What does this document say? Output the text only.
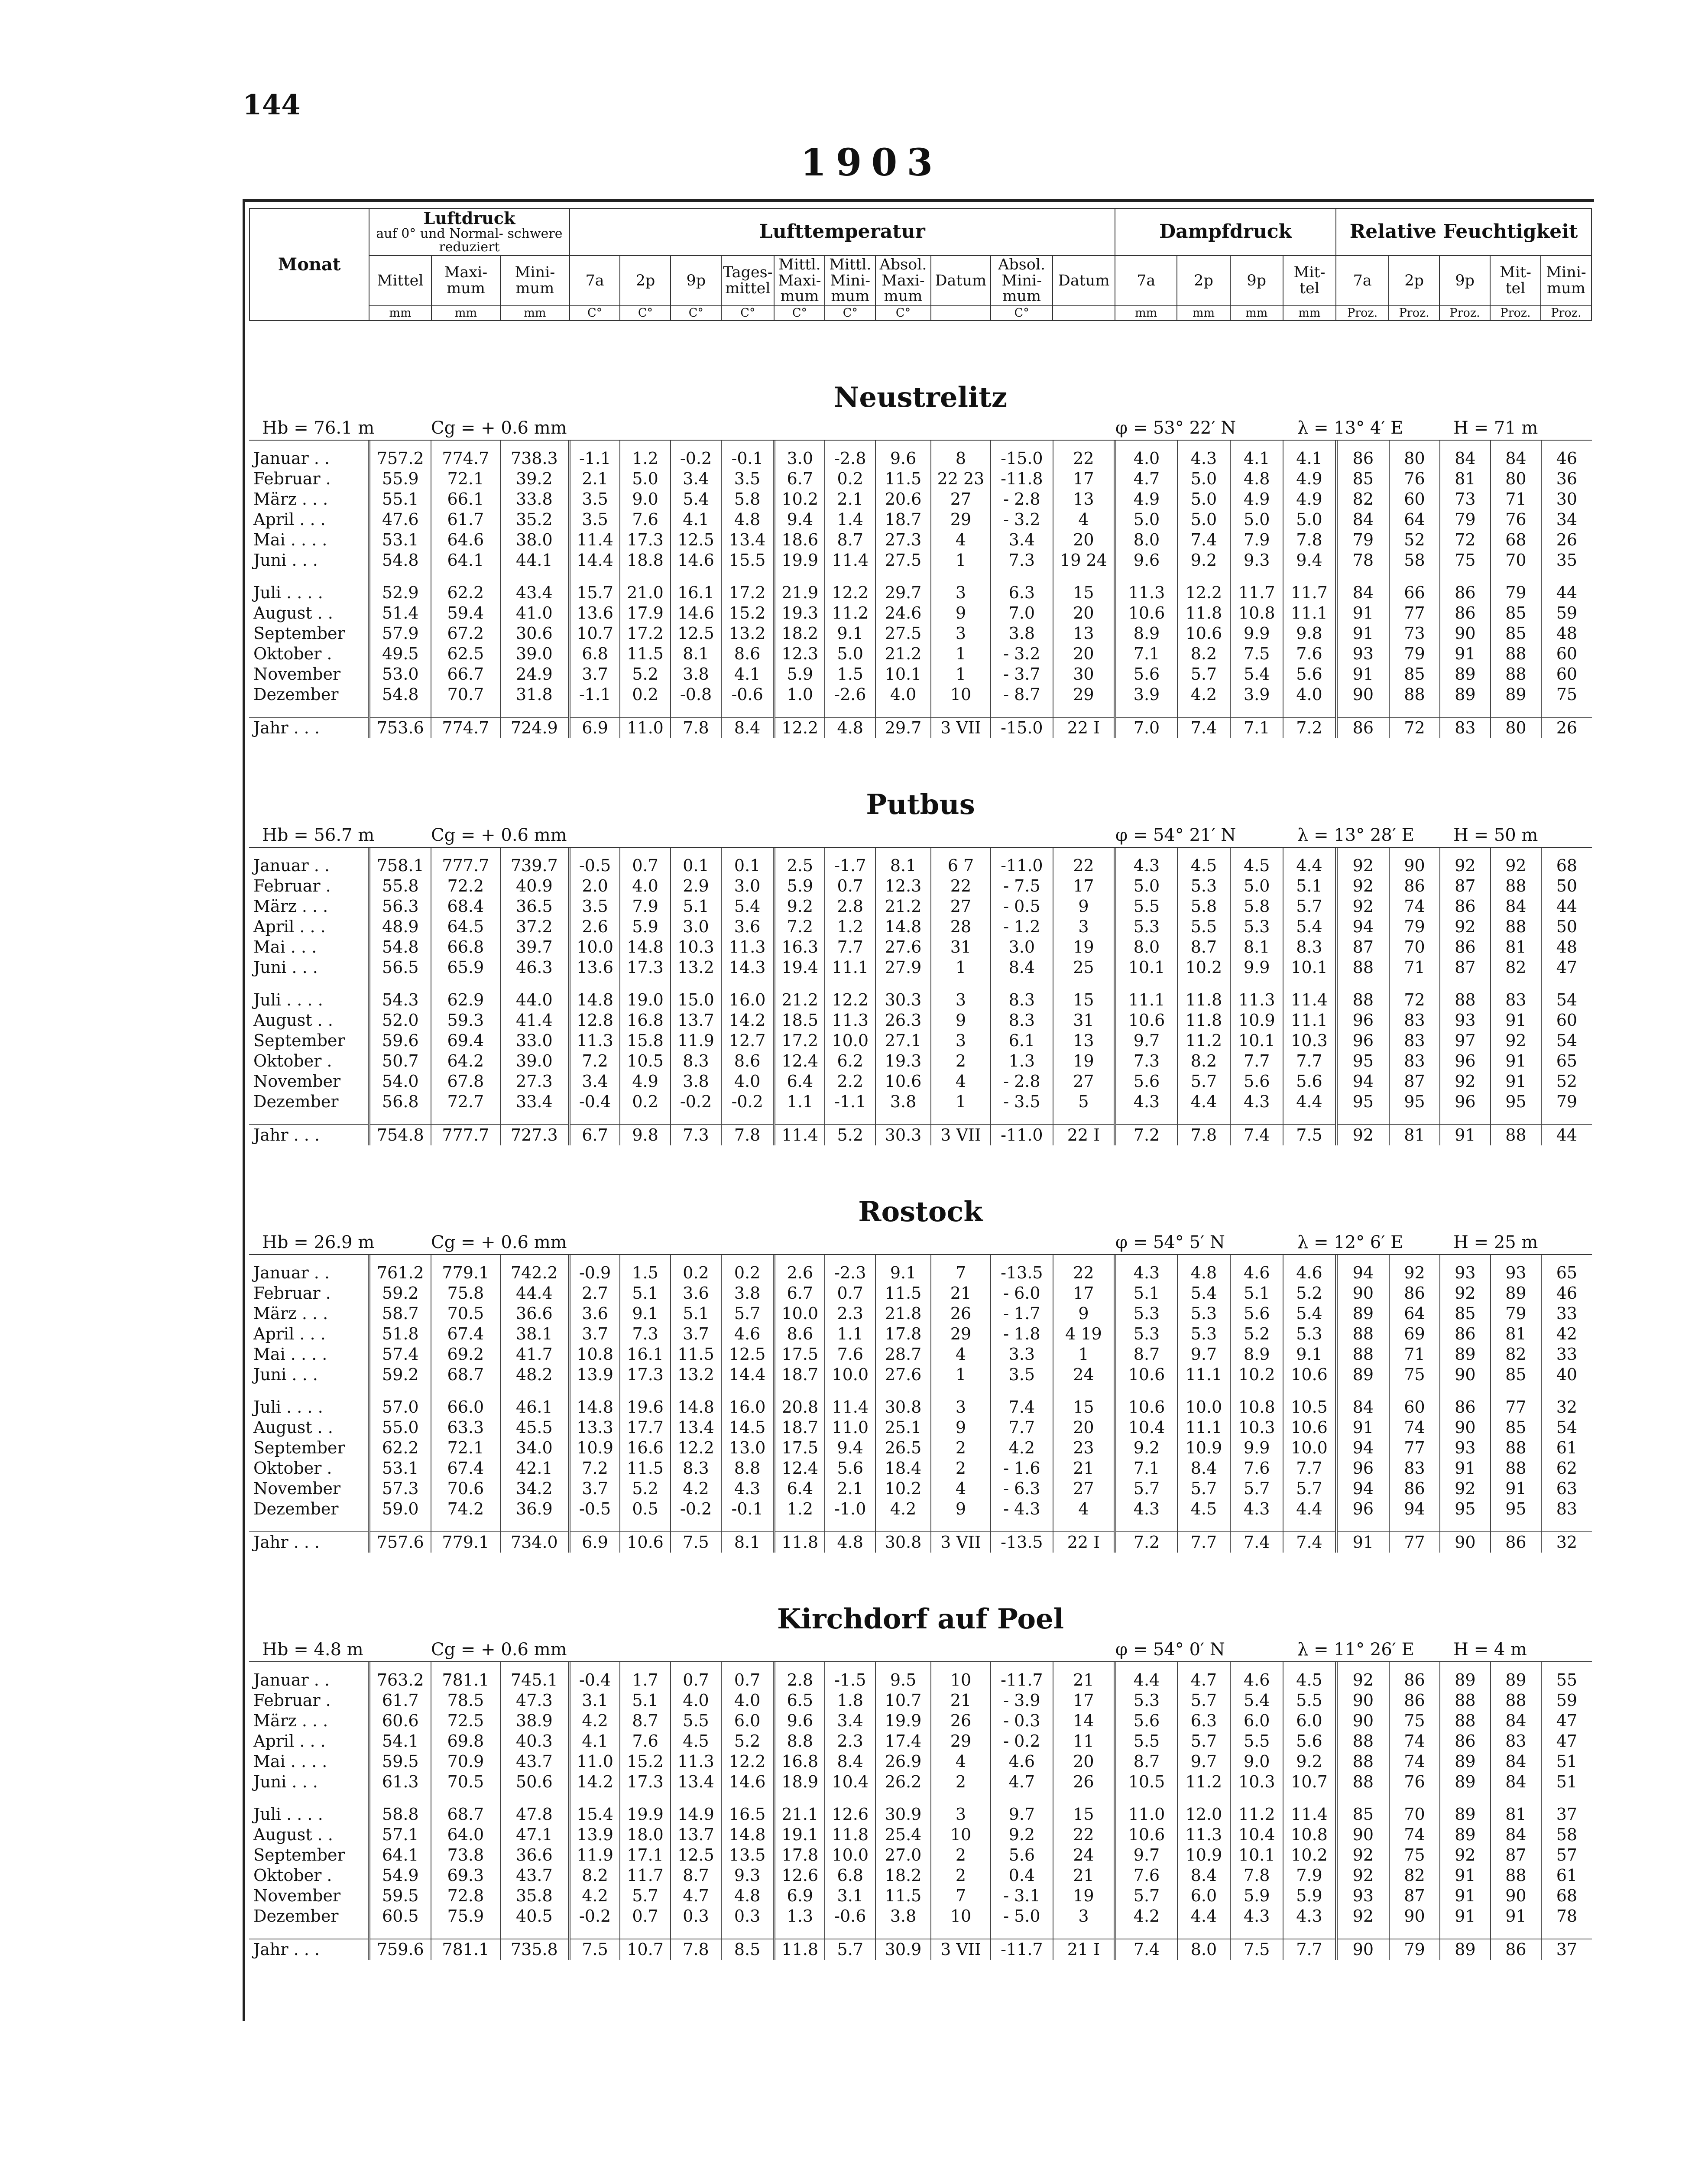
144
1903
Monat	Luftdruck
auf 0° und Normal- schwere reduziert			Lufttemperatur										Dampfdruck				Relative Feuchtigkeit				
	Mittel	Maxi- mum	Mini- mum	7a	2p	9p	Tages- mittel	Mittl. Maxi- mum	Mittl. Mini- mum	Absol. Maxi- mum	Datum	Absol. Mini- mum	Datum	7a	2p	9p	Mit- tel	7a	2p	9p	Mit- tel	Mini- mum
	mm	mm	mm	C°	C°	C°	C°	C°	C°	C°		C°		mm	mm	mm	mm	Proz.	Proz.	Proz.	Proz.	Proz.
Neustrelitz
Hb = 76.1 m	Cg = + 0.6 mm	φ = 53° 22′ N	λ = 13° 4′ E	H = 71 m
Januar . .	757.2	774.7	738.3	-1.1	1.2	-0.2	-0.1	3.0	-2.8	9.6	8	-15.0	22	4.0	4.3	4.1	4.1	86	80	84	84	46
Februar .	55.9	72.1	39.2	2.1	5.0	3.4	3.5	6.7	0.2	11.5	22 23	-11.8	17	4.7	5.0	4.8	4.9	85	76	81	80	36
März . . .	55.1	66.1	33.8	3.5	9.0	5.4	5.8	10.2	2.1	20.6	27	- 2.8	13	4.9	5.0	4.9	4.9	82	60	73	71	30
April . . .	47.6	61.7	35.2	3.5	7.6	4.1	4.8	9.4	1.4	18.7	29	- 3.2	4	5.0	5.0	5.0	5.0	84	64	79	76	34
Mai . . . .	53.1	64.6	38.0	11.4	17.3	12.5	13.4	18.6	8.7	27.3	4	3.4	20	8.0	7.4	7.9	7.8	79	52	72	68	26
Juni . . .	54.8	64.1	44.1	14.4	18.8	14.6	15.5	19.9	11.4	27.5	1	7.3	19 24	9.6	9.2	9.3	9.4	78	58	75	70	35

Juli . . . .	52.9	62.2	43.4	15.7	21.0	16.1	17.2	21.9	12.2	29.7	3	6.3	15	11.3	12.2	11.7	11.7	84	66	86	79	44
August . .	51.4	59.4	41.0	13.6	17.9	14.6	15.2	19.3	11.2	24.6	9	7.0	20	10.6	11.8	10.8	11.1	91	77	86	85	59
September	57.9	67.2	30.6	10.7	17.2	12.5	13.2	18.2	9.1	27.5	3	3.8	13	8.9	10.6	9.9	9.8	91	73	90	85	48
Oktober .	49.5	62.5	39.0	6.8	11.5	8.1	8.6	12.3	5.0	21.2	1	- 3.2	20	7.1	8.2	7.5	7.6	93	79	91	88	60
November	53.0	66.7	24.9	3.7	5.2	3.8	4.1	5.9	1.5	10.1	1	- 3.7	30	5.6	5.7	5.4	5.6	91	85	89	88	60
Dezember	54.8	70.7	31.8	-1.1	0.2	-0.8	-0.6	1.0	-2.6	4.0	10	- 8.7	29	3.9	4.2	3.9	4.0	90	88	89	89	75

Jahr . . .	753.6	774.7	724.9	6.9	11.0	7.8	8.4	12.2	4.8	29.7	3 VII	-15.0	22 I	7.0	7.4	7.1	7.2	86	72	83	80	26
Putbus
Hb = 56.7 m	Cg = + 0.6 mm	φ = 54° 21′ N	λ = 13° 28′ E H = 50 m
Januar . .	758.1	777.7	739.7	-0.5	0.7	0.1	0.1	2.5	-1.7	8.1	6 7	-11.0	22	4.3	4.5	4.5	4.4	92	90	92	92	68
Februar .	55.8	72.2	40.9	2.0	4.0	2.9	3.0	5.9	0.7	12.3	22	- 7.5	17	5.0	5.3	5.0	5.1	92	86	87	88	50
März . . .	56.3	68.4	36.5	3.5	7.9	5.1	5.4	9.2	2.8	21.2	27	- 0.5	9	5.5	5.8	5.8	5.7	92	74	86	84	44
April . . .	48.9	64.5	37.2	2.6	5.9	3.0	3.6	7.2	1.2	14.8	28	- 1.2	3	5.3	5.5	5.3	5.4	94	79	92	88	50
Mai . . .	54.8	66.8	39.7	10.0	14.8	10.3	11.3	16.3	7.7	27.6	31	3.0	19	8.0	8.7	8.1	8.3	87	70	86	81	48
Juni . . .	56.5	65.9	46.3	13.6	17.3	13.2	14.3	19.4	11.1	27.9	1	8.4	25	10.1	10.2	9.9	10.1	88	71	87	82	47

Juli . . . .	54.3	62.9	44.0	14.8	19.0	15.0	16.0	21.2	12.2	30.3	3	8.3	15	11.1	11.8	11.3	11.4	88	72	88	83	54
August . .	52.0	59.3	41.4	12.8	16.8	13.7	14.2	18.5	11.3	26.3	9	8.3	31	10.6	11.8	10.9	11.1	96	83	93	91	60
September	59.6	69.4	33.0	11.3	15.8	11.9	12.7	17.2	10.0	27.1	3	6.1	13	9.7	11.2	10.1	10.3	96	83	97	92	54
Oktober .	50.7	64.2	39.0	7.2	10.5	8.3	8.6	12.4	6.2	19.3	2	1.3	19	7.3	8.2	7.7	7.7	95	83	96	91	65
November	54.0	67.8	27.3	3.4	4.9	3.8	4.0	6.4	2.2	10.6	4	- 2.8	27	5.6	5.7	5.6	5.6	94	87	92	91	52
Dezember	56.8	72.7	33.4	-0.4	0.2	-0.2	-0.2	1.1	-1.1	3.8	1	- 3.5	5	4.3	4.4	4.3	4.4	95	95	96	95	79

Jahr . . .	754.8	777.7	727.3	6.7	9.8	7.3	7.8	11.4	5.2	30.3	3 VII	-11.0	22 I	7.2	7.8	7.4	7.5	92	81	91	88	44
Rostock
Hb = 26.9 m	Cg = + 0.6 mm	φ = 54° 5′ N	λ = 12° 6′ E	H = 25 m
Januar . .	761.2	779.1	742.2	-0.9	1.5	0.2	0.2	2.6	-2.3	9.1	7	-13.5	22	4.3	4.8	4.6	4.6	94	92	93	93	65
Februar .	59.2	75.8	44.4	2.7	5.1	3.6	3.8	6.7	0.7	11.5	21	- 6.0	17	5.1	5.4	5.1	5.2	90	86	92	89	46
März . . .	58.7	70.5	36.6	3.6	9.1	5.1	5.7	10.0	2.3	21.8	26	- 1.7	9	5.3	5.3	5.6	5.4	89	64	85	79	33
April . . .	51.8	67.4	38.1	3.7	7.3	3.7	4.6	8.6	1.1	17.8	29	- 1.8	4 19	5.3	5.3	5.2	5.3	88	69	86	81	42
Mai . . . .	57.4	69.2	41.7	10.8	16.1	11.5	12.5	17.5	7.6	28.7	4	3.3	1	8.7	9.7	8.9	9.1	88	71	89	82	33
Juni . . .	59.2	68.7	48.2	13.9	17.3	13.2	14.4	18.7	10.0	27.6	1	3.5	24	10.6	11.1	10.2	10.6	89	75	90	85	40

Juli . . . .	57.0	66.0	46.1	14.8	19.6	14.8	16.0	20.8	11.4	30.8	3	7.4	15	10.6	10.0	10.8	10.5	84	60	86	77	32
August . .	55.0	63.3	45.5	13.3	17.7	13.4	14.5	18.7	11.0	25.1	9	7.7	20	10.4	11.1	10.3	10.6	91	74	90	85	54
September	62.2	72.1	34.0	10.9	16.6	12.2	13.0	17.5	9.4	26.5	2	4.2	23	9.2	10.9	9.9	10.0	94	77	93	88	61
Oktober .	53.1	67.4	42.1	7.2	11.5	8.3	8.8	12.4	5.6	18.4	2	- 1.6	21	7.1	8.4	7.6	7.7	96	83	91	88	62
November	57.3	70.6	34.2	3.7	5.2	4.2	4.3	6.4	2.1	10.2	4	- 6.3	27	5.7	5.7	5.7	5.7	94	86	92	91	63
Dezember	59.0	74.2	36.9	-0.5	0.5	-0.2	-0.1	1.2	-1.0	4.2	9	- 4.3	4	4.3	4.5	4.3	4.4	96	94	95	95	83

Jahr . . .	757.6	779.1	734.0	6.9	10.6	7.5	8.1	11.8	4.8	30.8	3 VII	-13.5	22 I	7.2	7.7	7.4	7.4	91	77	90	86	32
Kirchdorf auf Poel
Hb = 4.8 m	Cg = + 0.6 mm	φ = 54° 0′ N	λ = 11° 26′ E H = 4 m
Januar . .	763.2	781.1	745.1	-0.4	1.7	0.7	0.7	2.8	-1.5	9.5	10	-11.7	21	4.4	4.7	4.6	4.5	92	86	89	89	55
Februar .	61.7	78.5	47.3	3.1	5.1	4.0	4.0	6.5	1.8	10.7	21	- 3.9	17	5.3	5.7	5.4	5.5	90	86	88	88	59
März . . .	60.6	72.5	38.9	4.2	8.7	5.5	6.0	9.6	3.4	19.9	26	- 0.3	14	5.6	6.3	6.0	6.0	90	75	88	84	47
April . . .	54.1	69.8	40.3	4.1	7.6	4.5	5.2	8.8	2.3	17.4	29	- 0.2	11	5.5	5.7	5.5	5.6	88	74	86	83	47
Mai . . . .	59.5	70.9	43.7	11.0	15.2	11.3	12.2	16.8	8.4	26.9	4	4.6	20	8.7	9.7	9.0	9.2	88	74	89	84	51
Juni . . .	61.3	70.5	50.6	14.2	17.3	13.4	14.6	18.9	10.4	26.2	2	4.7	26	10.5	11.2	10.3	10.7	88	76	89	84	51

Juli . . . .	58.8	68.7	47.8	15.4	19.9	14.9	16.5	21.1	12.6	30.9	3	9.7	15	11.0	12.0	11.2	11.4	85	70	89	81	37
August . .	57.1	64.0	47.1	13.9	18.0	13.7	14.8	19.1	11.8	25.4	10	9.2	22	10.6	11.3	10.4	10.8	90	74	89	84	58
September	64.1	73.8	36.6	11.9	17.1	12.5	13.5	17.8	10.0	27.0	2	5.6	24	9.7	10.9	10.1	10.2	92	75	92	87	57
Oktober .	54.9	69.3	43.7	8.2	11.7	8.7	9.3	12.6	6.8	18.2	2	0.4	21	7.6	8.4	7.8	7.9	92	82	91	88	61
November	59.5	72.8	35.8	4.2	5.7	4.7	4.8	6.9	3.1	11.5	7	- 3.1	19	5.7	6.0	5.9	5.9	93	87	91	90	68
Dezember	60.5	75.9	40.5	-0.2	0.7	0.3	0.3	1.3	-0.6	3.8	10	- 5.0	3	4.2	4.4	4.3	4.3	92	90	91	91	78

Jahr . . .	759.6	781.1	735.8	7.5	10.7	7.8	8.5	11.8	5.7	30.9	3 VII	-11.7	21 I	7.4	8.0	7.5	7.7	90	79	89	86	37
